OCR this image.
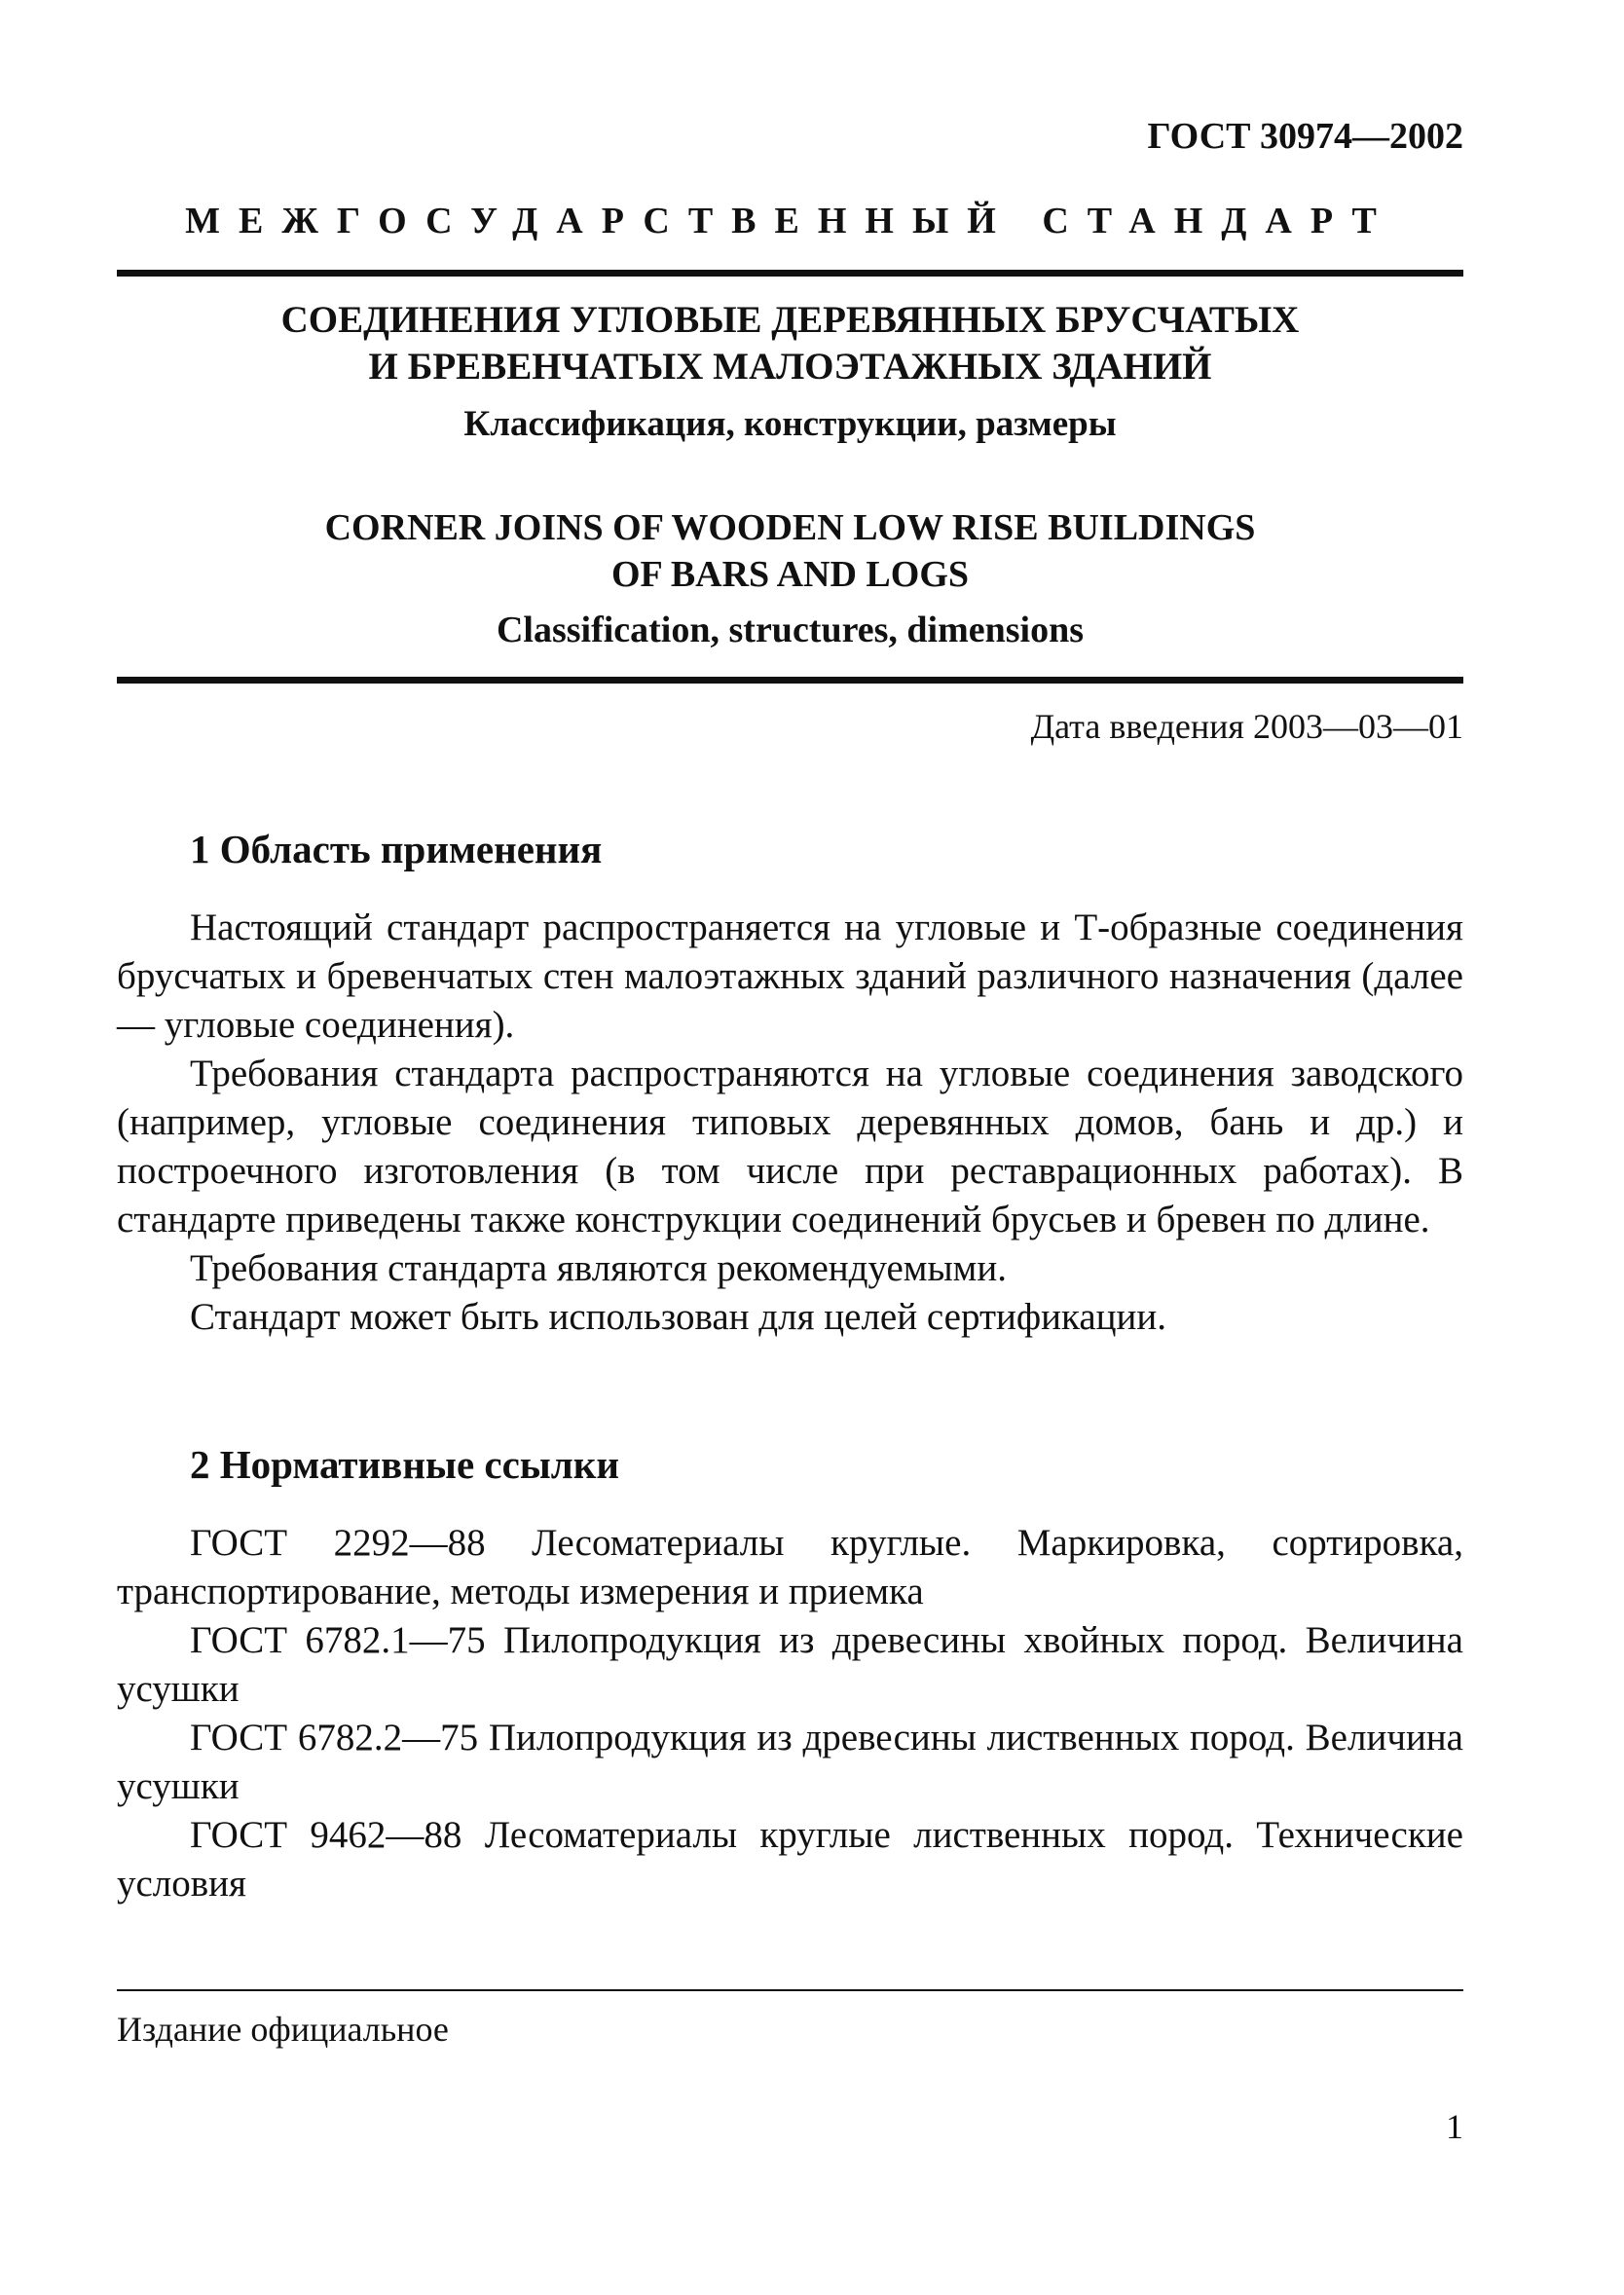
ГОСТ 30974—2002
МЕЖГОСУДАРСТВЕННЫЙ СТАНДАРТ
СОЕДИНЕНИЯ УГЛОВЫЕ ДЕРЕВЯННЫХ БРУСЧАТЫХ
И БРЕВЕНЧАТЫХ МАЛОЭТАЖНЫХ ЗДАНИЙ
Классификация, конструкции, размеры
CORNER JOINS OF WOODEN LOW RISE BUILDINGS
OF BARS AND LOGS
Classification, structures, dimensions
Дата введения 2003—03—01
1 Область применения

Настоящий стандарт распространяется на угловые и Т-образные соединения брусчатых и бревенчатых стен малоэтажных зданий различного назначения (далее — угловые соединения).

Требования стандарта распространяются на угловые соединения заводского (например, угловые соединения типовых деревянных домов, бань и др.) и построечного изготовления (в том числе при реставрационных работах). В стандарте приведены также конструкции соединений брусьев и бревен по длине.

Требования стандарта являются рекомендуемыми.

Стандарт может быть использован для целей сертификации.

2 Нормативные ссылки

ГОСТ 2292—88 Лесоматериалы круглые. Маркировка, сортировка, транспортирование, методы измерения и приемка

ГОСТ 6782.1—75 Пилопродукция из древесины хвойных пород. Величина усушки

ГОСТ 6782.2—75 Пилопродукция из древесины лиственных пород. Величина усушки

ГОСТ 9462—88 Лесоматериалы круглые лиственных пород. Технические условия

Издание официальное
1
